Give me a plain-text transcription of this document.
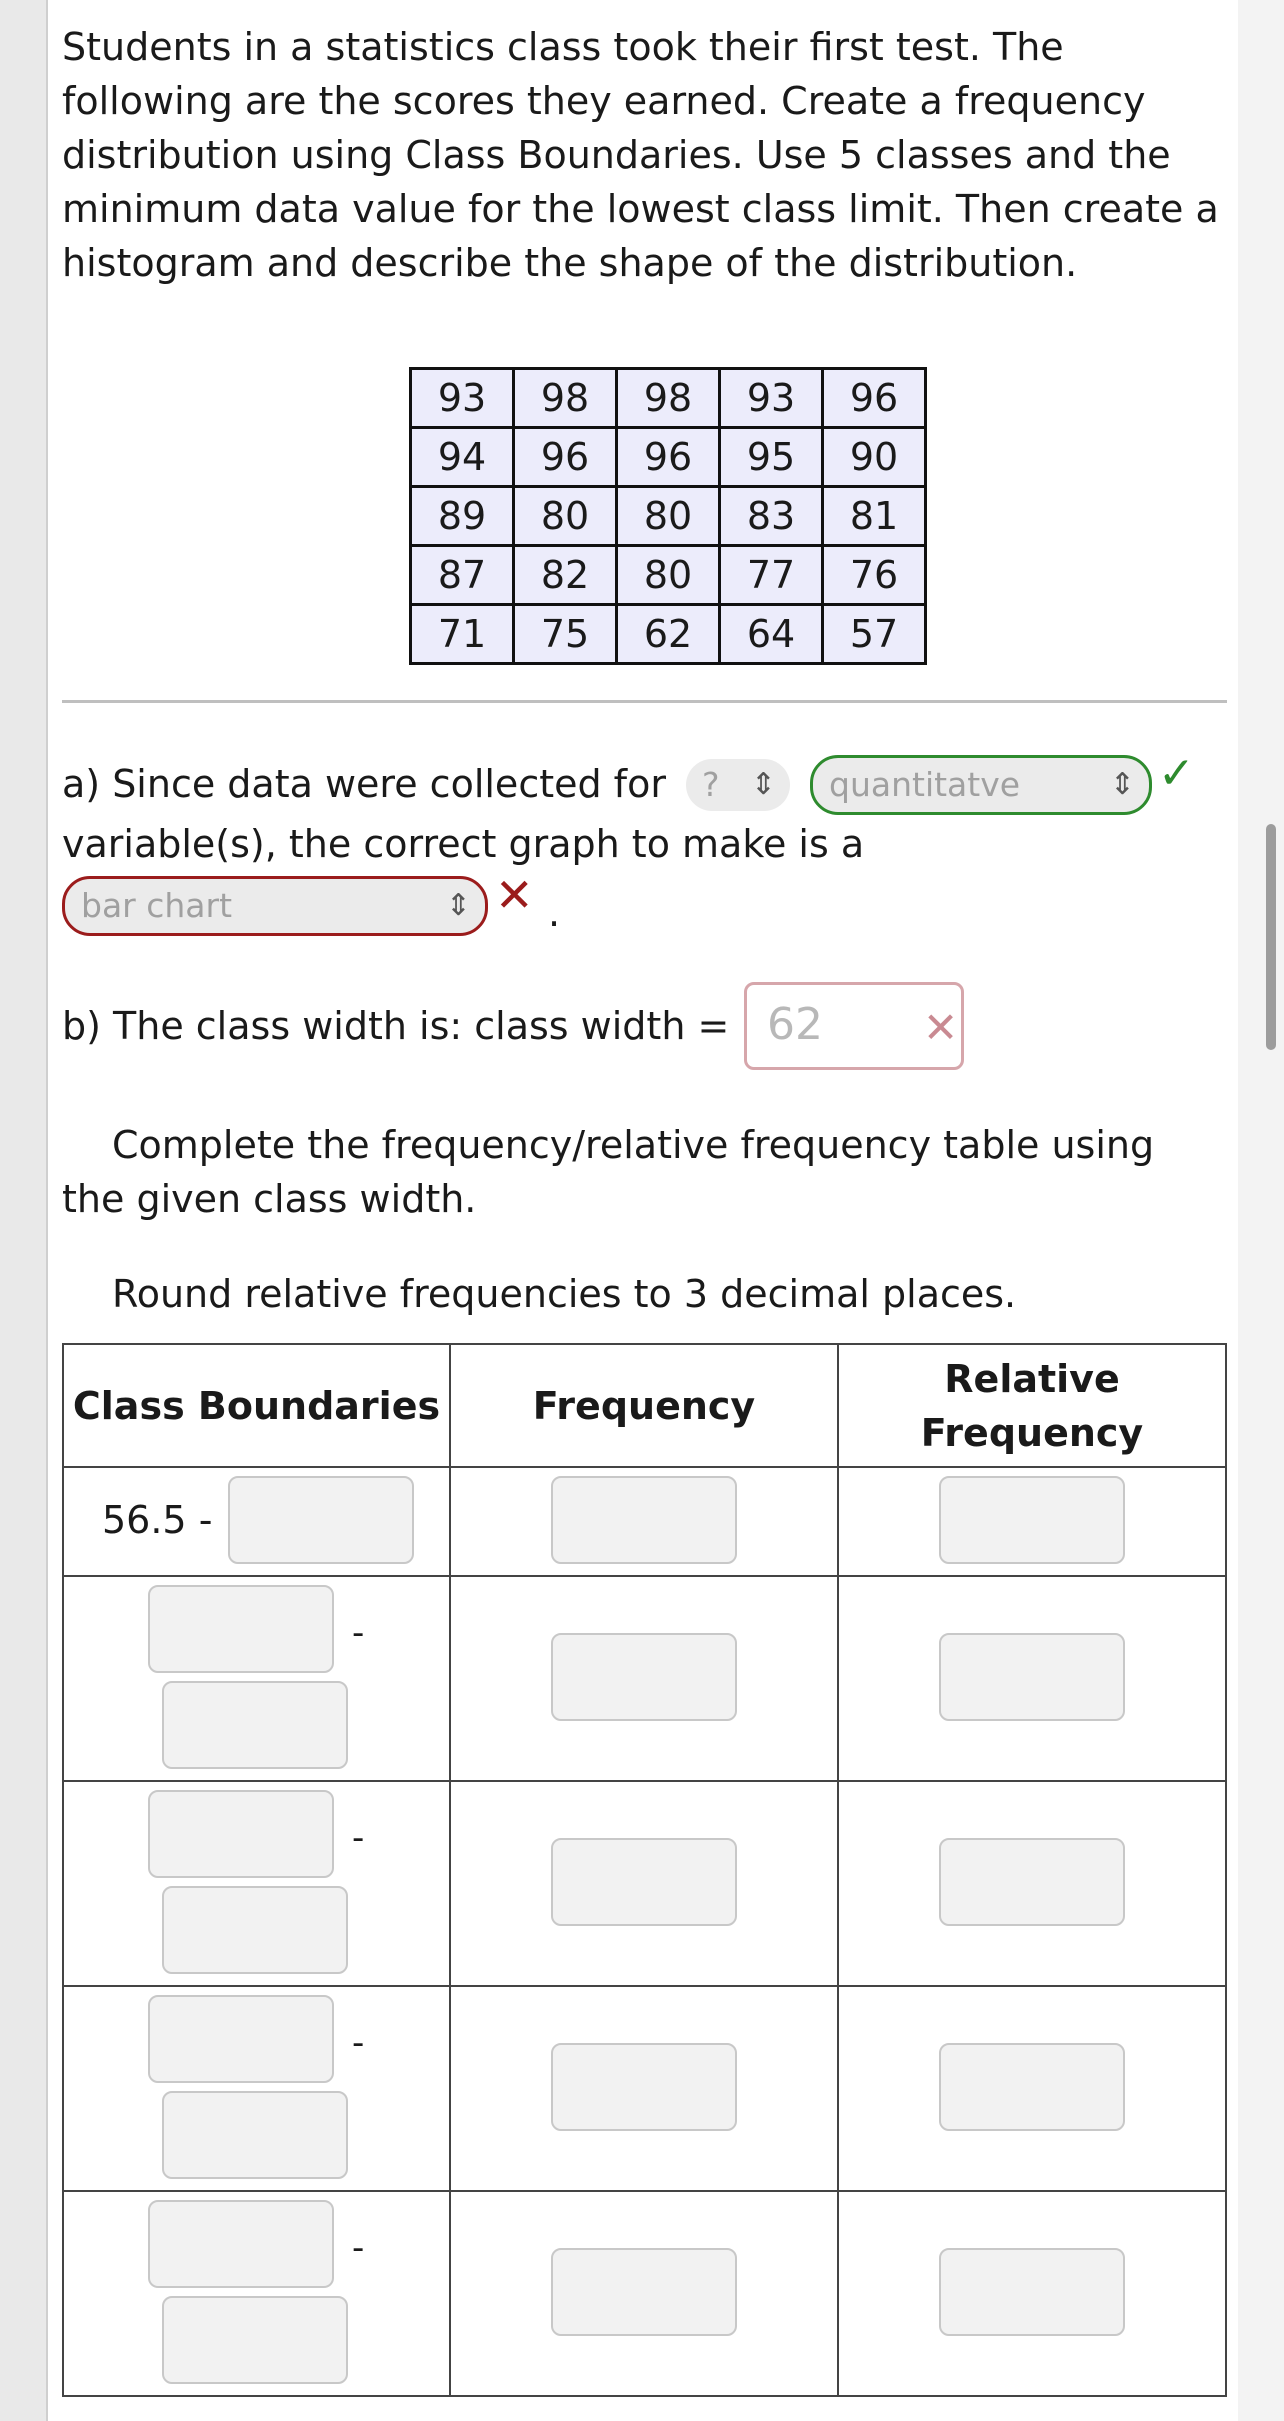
Students in a statistics class took their first test. The following are the scores they earned. Create a frequency distribution using Class Boundaries. Use 5 classes and the minimum data value for the lowest class limit. Then create a histogram and describe the shape of the distribution.

93	98	98	93	96
94	96	96	95	90
89	80	80	83	81
87	82	80	77	76
71	75	62	64	57
a) Since data were collected for	? ⇕	quantitatve	⇕ ✓
variable(s), the correct graph to make is a
bar chart	⇕ ✕ .
b) The class width is: class width = 62 ✕
Complete the frequency/relative frequency table using the given class width.
Round relative frequencies to 3 decimal places.
Class Boundaries	Frequency	Relative Frequency

56.5 -		

-		

-		

-		

-		
